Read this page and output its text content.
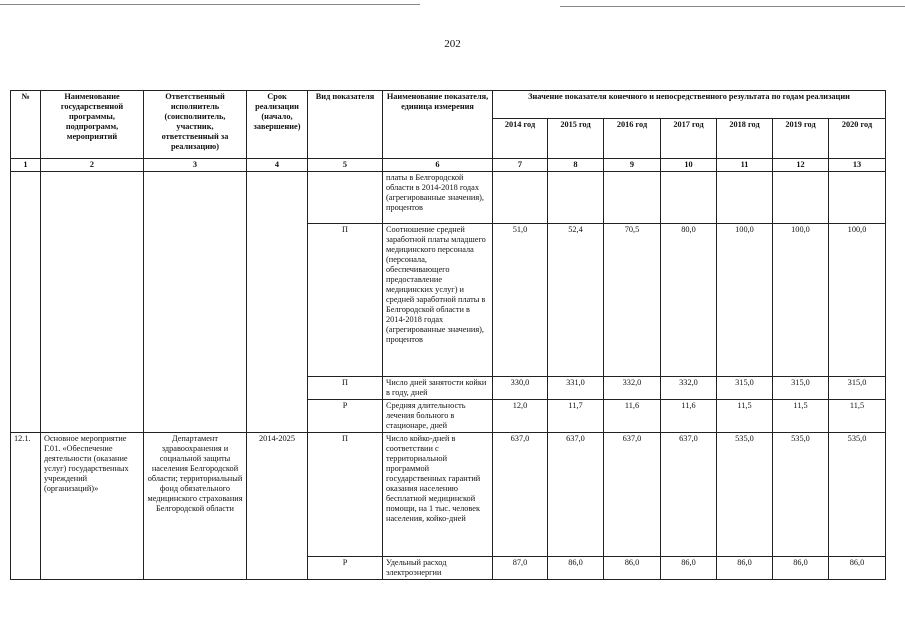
202
№	Наименование государственной программы, подпрограмм, мероприятий	Ответственный исполнитель (соисполнитель, участник, ответственный за реализацию)	Срок реализации (начало, завершение)	Вид показателя	Наименование показателя, единица измерения	Значение показателя конечного и непосредственного результата по годам реализации						
						2014 год	2015 год	2016 год	2017 год	2018 год	2019 год	2020 год
1	2	3	4	5	6	7	8	9	10	11	12	13
					платы в Белгородской области в 2014-2018 годах (агрегированные значения), процентов							
				П	Соотношение средней заработной платы младшего медицинского персонала (персонала, обеспечивающего предоставление медицинских услуг) и средней заработной платы в Белгородской области в 2014-2018 годах (агрегированные значения), процентов	51,0	52,4	70,5	80,0	100,0	100,0	100,0
				П	Число дней занятости койки в году, дней	330,0	331,0	332,0	332,0	315,0	315,0	315,0
				Р	Средняя длительность лечения больного в стационаре, дней	12,0	11,7	11,6	11,6	11,5	11,5	11,5
12.1.	Основное мероприятие Г.01. «Обеспечение деятельности (оказание услуг) государственных учреждений (организаций)»	Департамент здравоохранения и социальной защиты населения Белгородской области; территориальный фонд обязательного медицинского страхования Белгородской области	2014-2025	П	Число койко-дней в соответствии с территориальной программой государственных гарантий оказания населению бесплатной медицинской помощи, на 1 тыс. человек населения, койко-дней	637,0	637,0	637,0	637,0	535,0	535,0	535,0
				Р	Удельный расход электроэнергии	87,0	86,0	86,0	86,0	86,0	86,0	86,0
